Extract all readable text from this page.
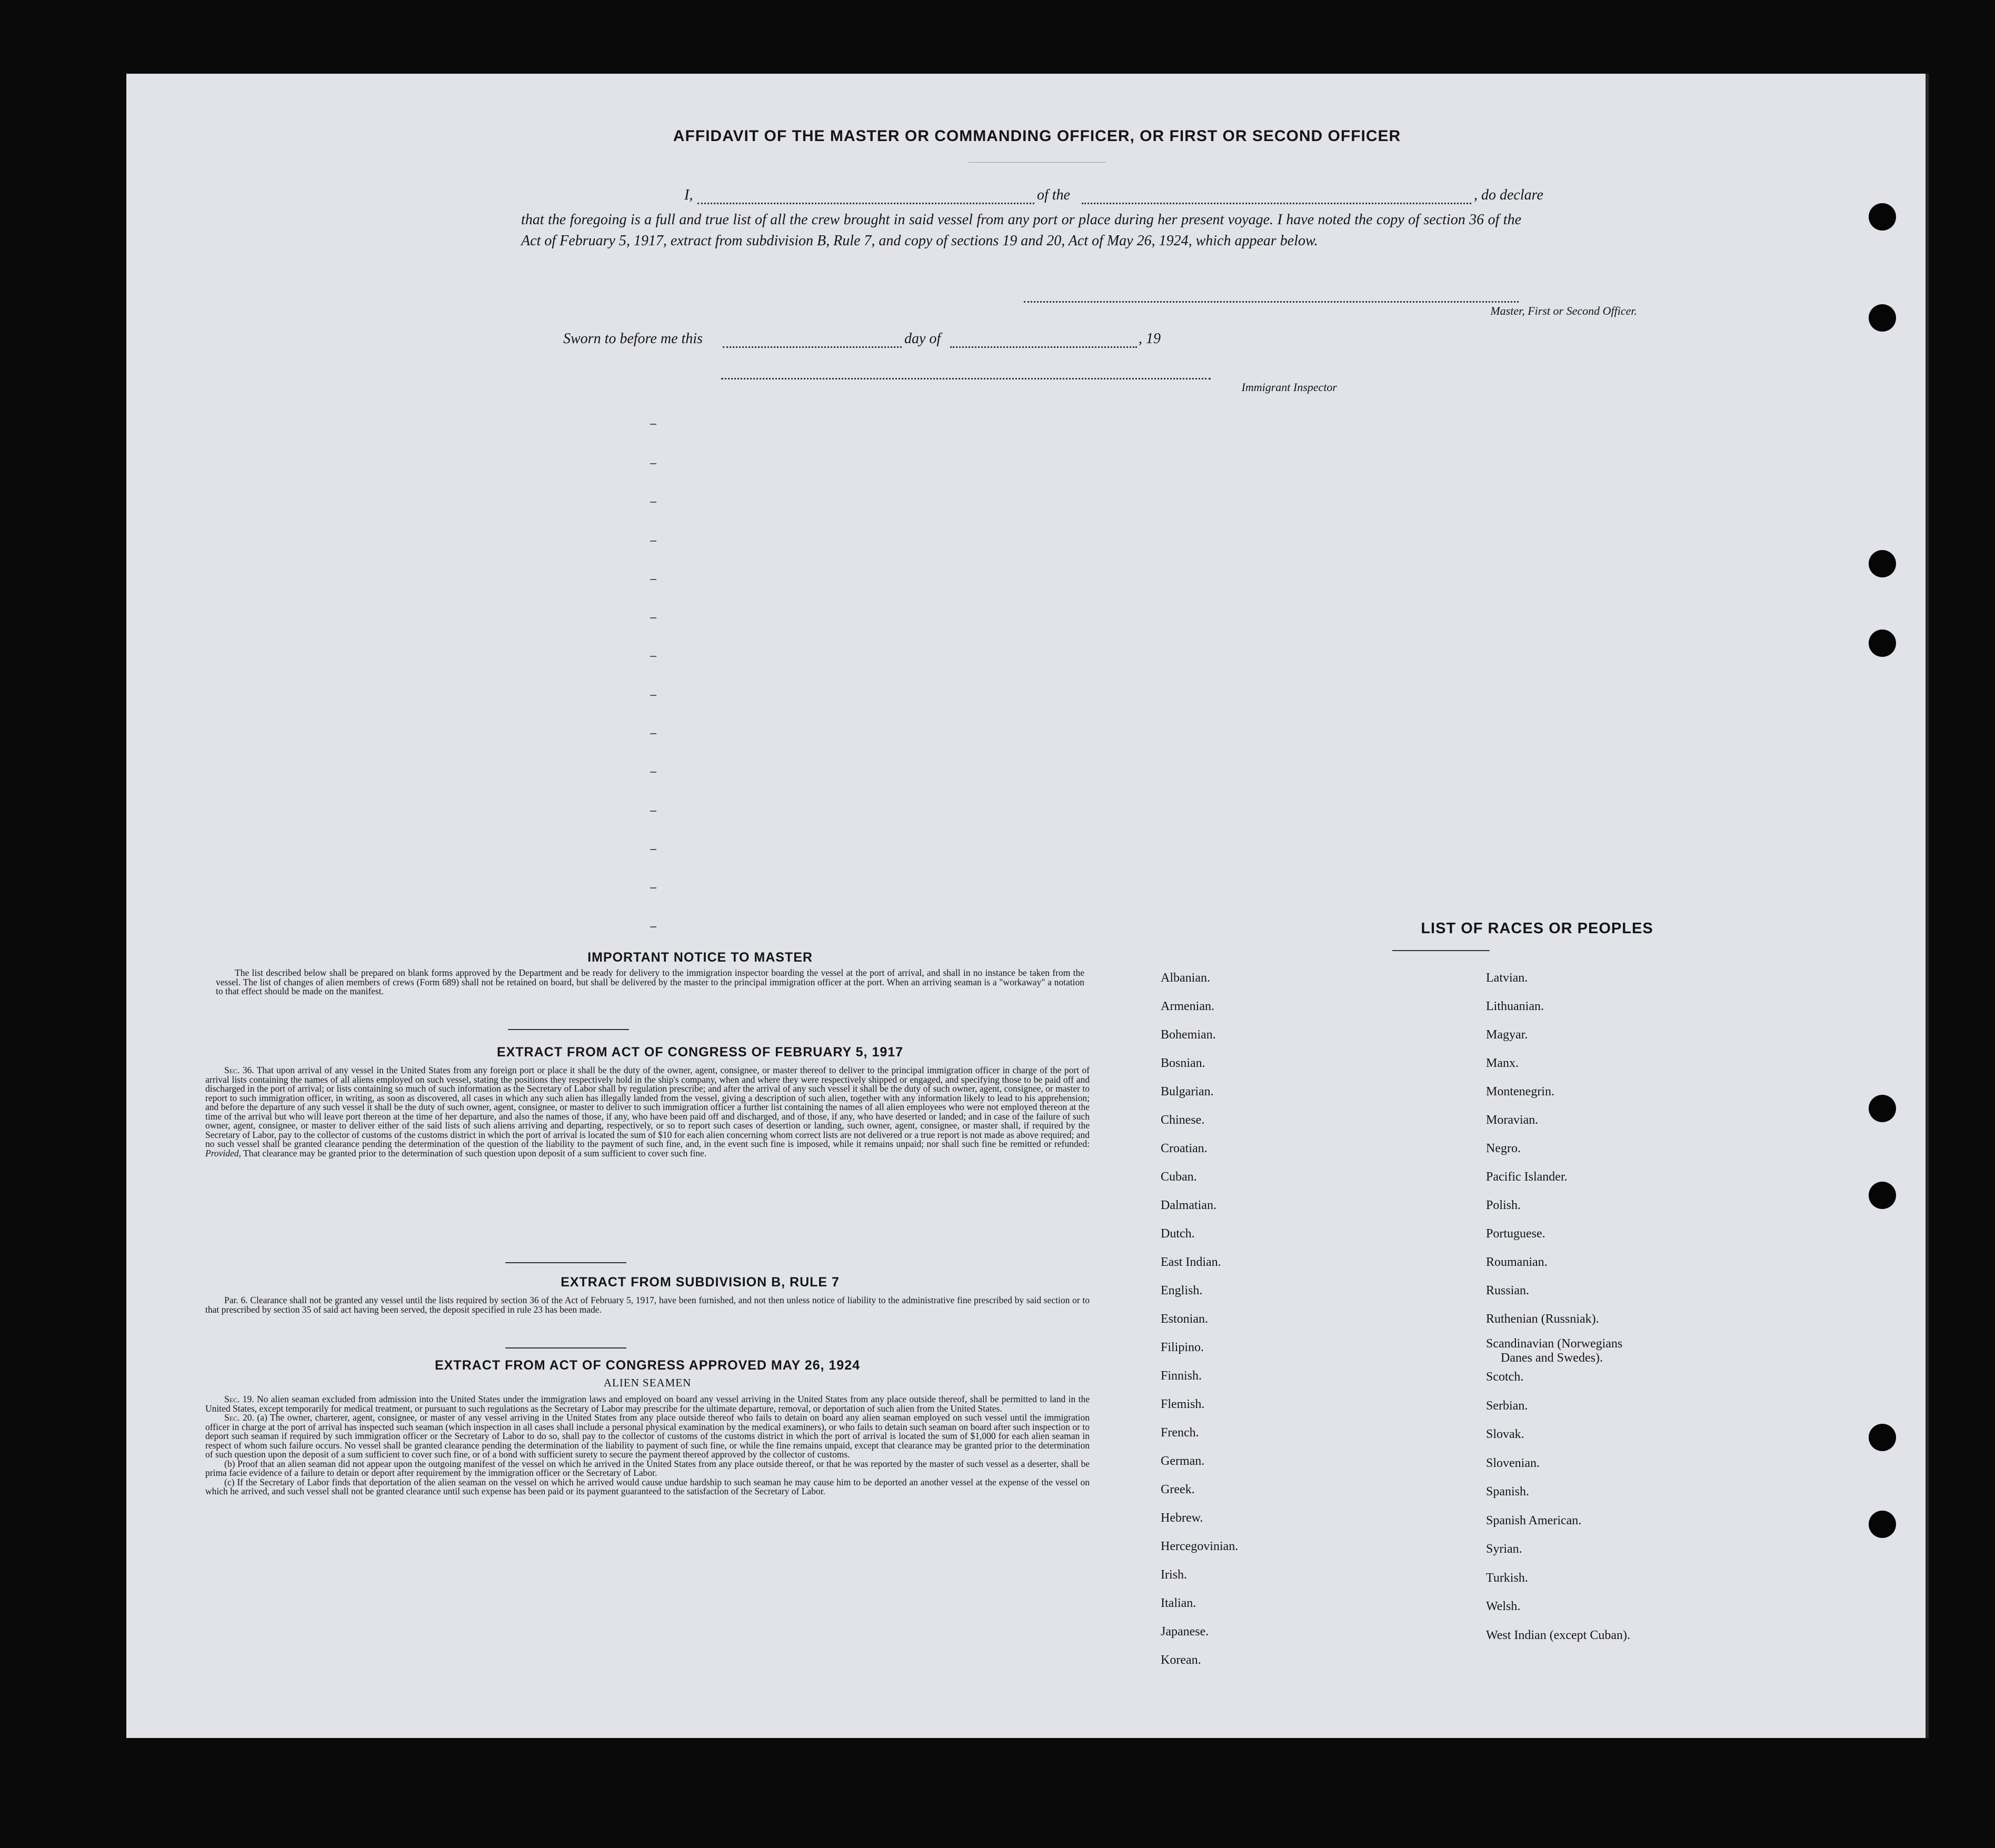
AFFIDAVIT OF THE MASTER OR COMMANDING OFFICER, OR FIRST OR SECOND OFFICER
I,	of the	, do declare
that the foregoing is a full and true list of all the crew brought in said vessel from any port or place during her present voyage. I have noted the copy of section 36 of the Act of February 5, 1917, extract from subdivision B, Rule 7, and copy of sections 19 and 20, Act of May 26, 1924, which appear below.
Master, First or Second Officer.
Sworn to before me this	day of	, 19
Immigrant Inspector
IMPORTANT NOTICE TO MASTER
The list described below shall be prepared on blank forms approved by the Department and be ready for delivery to the immigration inspector boarding the vessel at the port of arrival, and shall in no instance be taken from the vessel. The list of changes of alien members of crews (Form 689) shall not be retained on board, but shall be delivered by the master to the principal immigration officer at the port. When an arriving seaman is a "workaway" a notation to that effect should be made on the manifest.
EXTRACT FROM ACT OF CONGRESS OF FEBRUARY 5, 1917
Sec. 36. That upon arrival of any vessel in the United States from any foreign port or place it shall be the duty of the owner, agent, consignee, or master thereof to deliver to the principal immigration officer in charge of the port of arrival lists containing the names of all aliens employed on such vessel, stating the positions they respectively hold in the ship's company, when and where they were respectively shipped or engaged, and specifying those to be paid off and discharged in the port of arrival; or lists containing so much of such information as the Secretary of Labor shall by regulation prescribe; and after the arrival of any such vessel it shall be the duty of such owner, agent, consignee, or master to report to such immigration officer, in writing, as soon as discovered, all cases in which any such alien has illegally landed from the vessel, giving a description of such alien, together with any information likely to lead to his apprehension; and before the departure of any such vessel it shall be the duty of such owner, agent, consignee, or master to deliver to such immigration officer a further list containing the names of all alien employees who were not employed thereon at the time of the arrival but who will leave port thereon at the time of her departure, and also the names of those, if any, who have been paid off and discharged, and of those, if any, who have deserted or landed; and in case of the failure of such owner, agent, consignee, or master to deliver either of the said lists of such aliens arriving and departing, respectively, or so to report such cases of desertion or landing, such owner, agent, consignee, or master shall, if required by the Secretary of Labor, pay to the collector of customs of the customs district in which the port of arrival is located the sum of $10 for each alien concerning whom correct lists are not delivered or a true report is not made as above required; and no such vessel shall be granted clearance pending the determination of the question of the liability to the payment of such fine, and, in the event such fine is imposed, while it remains unpaid; nor shall such fine be remitted or refunded: Provided, That clearance may be granted prior to the determination of such question upon deposit of a sum sufficient to cover such fine.
EXTRACT FROM SUBDIVISION B, RULE 7
Par. 6. Clearance shall not be granted any vessel until the lists required by section 36 of the Act of February 5, 1917, have been furnished, and not then unless notice of liability to the administrative fine prescribed by said section or to that prescribed by section 35 of said act having been served, the deposit specified in rule 23 has been made.
EXTRACT FROM ACT OF CONGRESS APPROVED MAY 26, 1924
ALIEN SEAMEN
Sec. 19. No alien seaman excluded from admission into the United States under the immigration laws and employed on board any vessel arriving in the United States from any place outside thereof, shall be permitted to land in the United States, except temporarily for medical treatment, or pursuant to such regulations as the Secretary of Labor may prescribe for the ultimate departure, removal, or deportation of such alien from the United States.
Sec. 20. (a) The owner, charterer, agent, consignee, or master of any vessel arriving in the United States from any place outside thereof who fails to detain on board any alien seaman employed on such vessel until the immigration officer in charge at the port of arrival has inspected such seaman (which inspection in all cases shall include a personal physical examination by the medical examiners), or who fails to detain such seaman on board after such inspection or to deport such seaman if required by such immigration officer or the Secretary of Labor to do so, shall pay to the collector of customs of the customs district in which the port of arrival is located the sum of $1,000 for each alien seaman in respect of whom such failure occurs. No vessel shall be granted clearance pending the determination of the liability to payment of such fine, or while the fine remains unpaid, except that clearance may be granted prior to the determination of such question upon the deposit of a sum sufficient to cover such fine, or of a bond with sufficient surety to secure the payment thereof approved by the collector of customs.
(b) Proof that an alien seaman did not appear upon the outgoing manifest of the vessel on which he arrived in the United States from any place outside thereof, or that he was reported by the master of such vessel as a deserter, shall be prima facie evidence of a failure to detain or deport after requirement by the immigration officer or the Secretary of Labor.
(c) If the Secretary of Labor finds that deportation of the alien seaman on the vessel on which he arrived would cause undue hardship to such seaman he may cause him to be deported an another vessel at the expense of the vessel on which he arrived, and such vessel shall not be granted clearance until such expense has been paid or its payment guaranteed to the satisfaction of the Secretary of Labor.
LIST OF RACES OR PEOPLES
Albanian.
Armenian.
Bohemian.
Bosnian.
Bulgarian.
Chinese.
Croatian.
Cuban.
Dalmatian.
Dutch.
East Indian.
English.
Estonian.
Filipino.
Finnish.
Flemish.
French.
German.
Greek.
Hebrew.
Hercegovinian.
Irish.
Italian.
Japanese.
Korean.
Latvian.
Lithuanian.
Magyar.
Manx.
Montenegrin.
Moravian.
Negro.
Pacific Islander.
Polish.
Portuguese.
Roumanian.
Russian.
Ruthenian (Russniak).
Scandinavian (Norwegians
Danes and Swedes).
Scotch.
Serbian.
Slovak.
Slovenian.
Spanish.
Spanish American.
Syrian.
Turkish.
Welsh.
West Indian (except Cuban).
